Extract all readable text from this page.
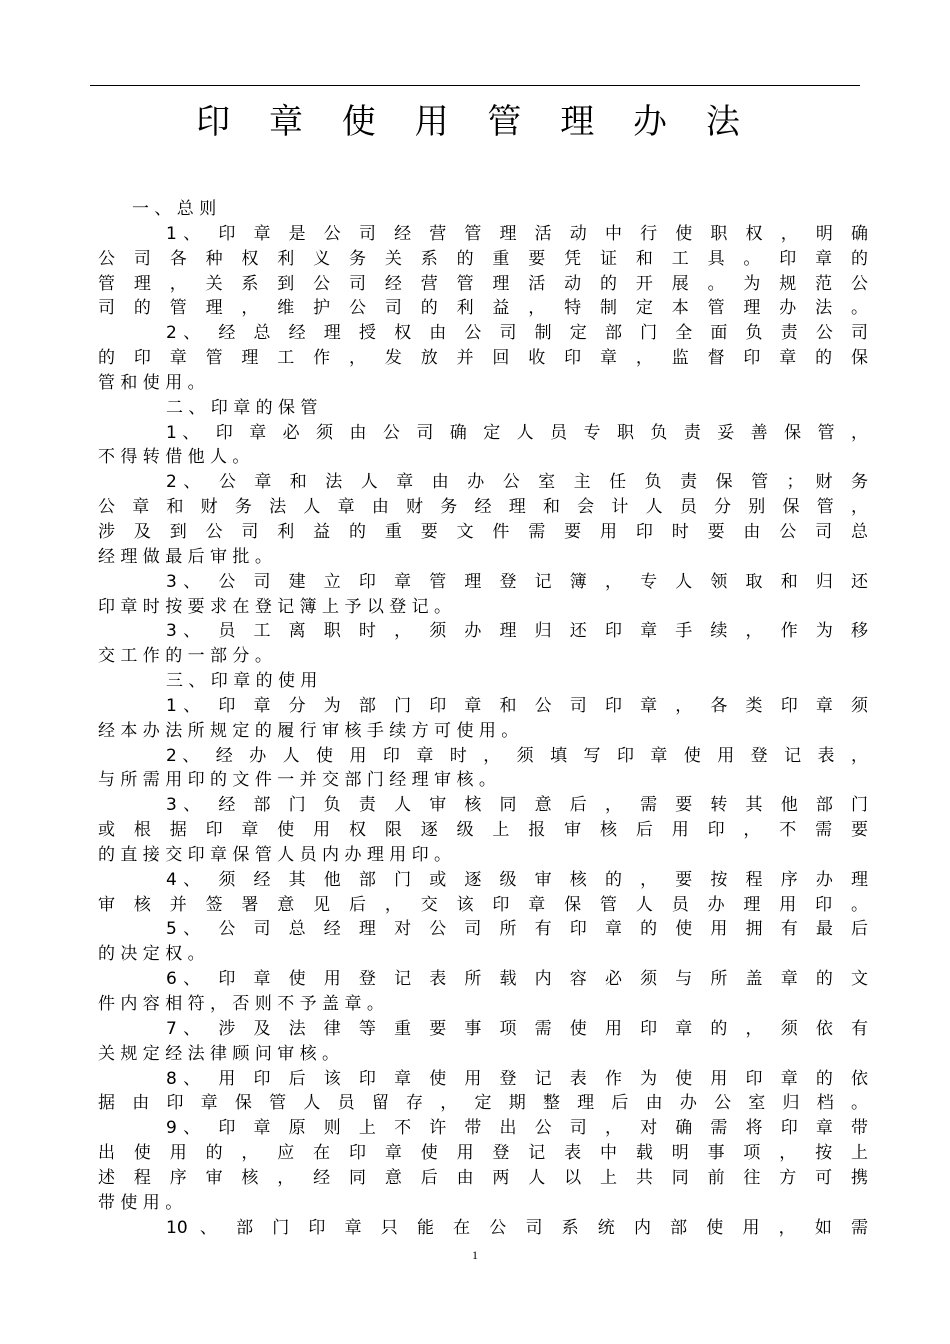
印 章 使 用 管 理 办 法
一 、 总 则
1、 印 章 是 公 司 经 营 管 理 活 动 中 行 使 职 权 ， 明 确
公 司 各 种 权 利 义 务 关 系 的 重 要 凭 证 和 工 具 。 印 章 的
管 理 ， 关 系 到 公 司 经 营 管 理 活 动 的 开 展 。 为 规 范 公
司 的 管 理 ， 维 护 公 司 的 利 益 ， 特 制 定 本 管 理 办 法 。
2、 经 总 经 理 授 权 由 公 司 制 定 部 门 全 面 负 责 公 司
的 印 章 管 理 工 作 ， 发 放 并 回 收 印 章 ， 监 督 印 章 的 保
管 和 使 用 。
二 、 印 章 的 保 管
1、 印 章 必 须 由 公 司 确 定 人 员 专 职 负 责 妥 善 保 管 ，
不 得 转 借 他 人 。
2、 公 章 和 法 人 章 由 办 公 室 主 任 负 责 保 管 ； 财 务
公 章 和 财 务 法 人 章 由 财 务 经 理 和 会 计 人 员 分 别 保 管 ，
涉 及 到 公 司 利 益 的 重 要 文 件 需 要 用 印 时 要 由 公 司 总
经 理 做 最 后 审 批 。
3、 公 司 建 立 印 章 管 理 登 记 簿 ， 专 人 领 取 和 归 还
印 章 时 按 要 求 在 登 记 簿 上 予 以 登 记 。
3、 员 工 离 职 时 ， 须 办 理 归 还 印 章 手 续 ， 作 为 移
交 工 作 的 一 部 分 。
三 、 印 章 的 使 用
1、 印 章 分 为 部 门 印 章 和 公 司 印 章 ， 各 类 印 章 须
经 本 办 法 所 规 定 的 履 行 审 核 手 续 方 可 使 用 。
2、 经 办 人 使 用 印 章 时 ， 须 填 写 印 章 使 用 登 记 表 ，
与 所 需 用 印 的 文 件 一 并 交 部 门 经 理 审 核 。
3、 经 部 门 负 责 人 审 核 同 意 后 ， 需 要 转 其 他 部 门
或 根 据 印 章 使 用 权 限 逐 级 上 报 审 核 后 用 印 ， 不 需 要
的 直 接 交 印 章 保 管 人 员 内 办 理 用 印 。
4、 须 经 其 他 部 门 或 逐 级 审 核 的 ， 要 按 程 序 办 理
审 核 并 签 署 意 见 后 ， 交 该 印 章 保 管 人 员 办 理 用 印 。
5、 公 司 总 经 理 对 公 司 所 有 印 章 的 使 用 拥 有 最 后
的 决 定 权 。
6、 印 章 使 用 登 记 表 所 载 内 容 必 须 与 所 盖 章 的 文
件 内 容 相 符 ， 否 则 不 予 盖 章 。
7、 涉 及 法 律 等 重 要 事 项 需 使 用 印 章 的 ， 须 依 有
关 规 定 经 法 律 顾 问 审 核 。
8、 用 印 后 该 印 章 使 用 登 记 表 作 为 使 用 印 章 的 依
据 由 印 章 保 管 人 员 留 存 ， 定 期 整 理 后 由 办 公 室 归 档 。
9、 印 章 原 则 上 不 许 带 出 公 司 ， 对 确 需 将 印 章 带
出 使 用 的 ， 应 在 印 章 使 用 登 记 表 中 载 明 事 项 ， 按 上
述 程 序 审 核 ， 经 同 意 后 由 两 人 以 上 共 同 前 往 方 可 携
带 使 用 。
10 、 部 门 印 章 只 能 在 公 司 系 统 内 部 使 用 ， 如 需
1
